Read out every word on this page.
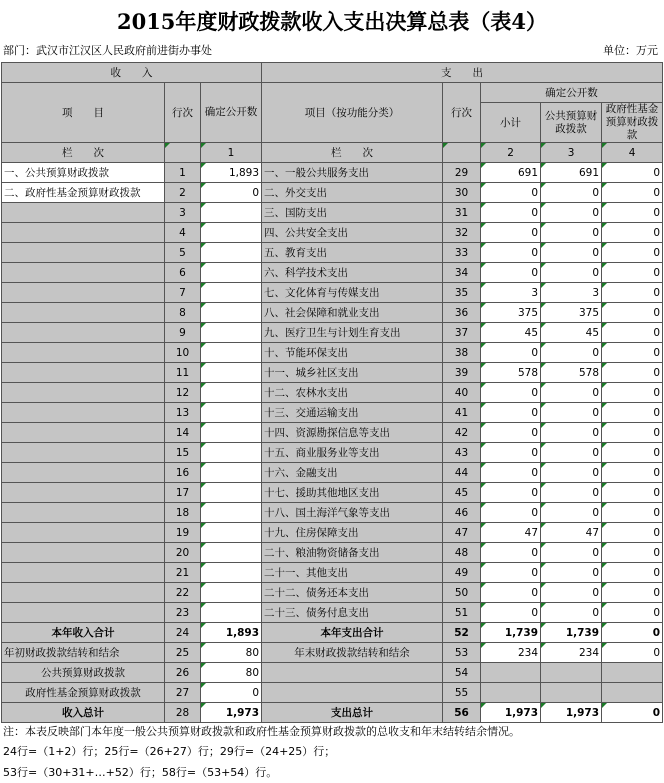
2015年度财政拨款收入支出决算总表（表4）
部门：武汉市江汉区人民政府前进街办事处	单位：万元
收　　入			支　　出				
项　　目	行次	确定公开数	项目（按功能分类）	行次	确定公开数		
					小计	公共预算财政拨款	政府性基金预算财政拨款
栏　　次		1	栏　　次		2	3	4
一、公共预算财政拨款	1	1,893	一、一般公共服务支出	29	691	691	0
二、政府性基金预算财政拨款	2	0	二、外交支出	30	0	0	0
	3		三、国防支出	31	0	0	0
	4		四、公共安全支出	32	0	0	0
	5		五、教育支出	33	0	0	0
	6		六、科学技术支出	34	0	0	0
	7		七、文化体育与传媒支出	35	3	3	0
	8		八、社会保障和就业支出	36	375	375	0
	9		九、医疗卫生与计划生育支出	37	45	45	0
	10		十、节能环保支出	38	0	0	0
	11		十一、城乡社区支出	39	578	578	0
	12		十二、农林水支出	40	0	0	0
	13		十三、交通运输支出	41	0	0	0
	14		十四、资源勘探信息等支出	42	0	0	0
	15		十五、商业服务业等支出	43	0	0	0
	16		十六、金融支出	44	0	0	0
	17		十七、援助其他地区支出	45	0	0	0
	18		十八、国土海洋气象等支出	46	0	0	0
	19		十九、住房保障支出	47	47	47	0
	20		二十、粮油物资储备支出	48	0	0	0
	21		二十一、其他支出	49	0	0	0
	22		二十二、债务还本支出	50	0	0	0
	23		二十三、债务付息支出	51	0	0	0
本年收入合计	24	1,893	本年支出合计	52	1,739	1,739	0
年初财政拨款结转和结余	25	80	年末财政拨款结转和结余	53	234	234	0
公共预算财政拨款	26	80		54			
政府性基金预算财政拨款	27	0		55			
收入总计	28	1,973	支出总计	56	1,973	1,973	0
注：本表反映部门本年度一般公共预算财政拨款和政府性基金预算财政拨款的总收支和年末结转结余情况。
24行=（1+2）行；25行=（26+27）行；29行=（24+25）行；
53行=（30+31+…+52）行；58行=（53+54）行。
